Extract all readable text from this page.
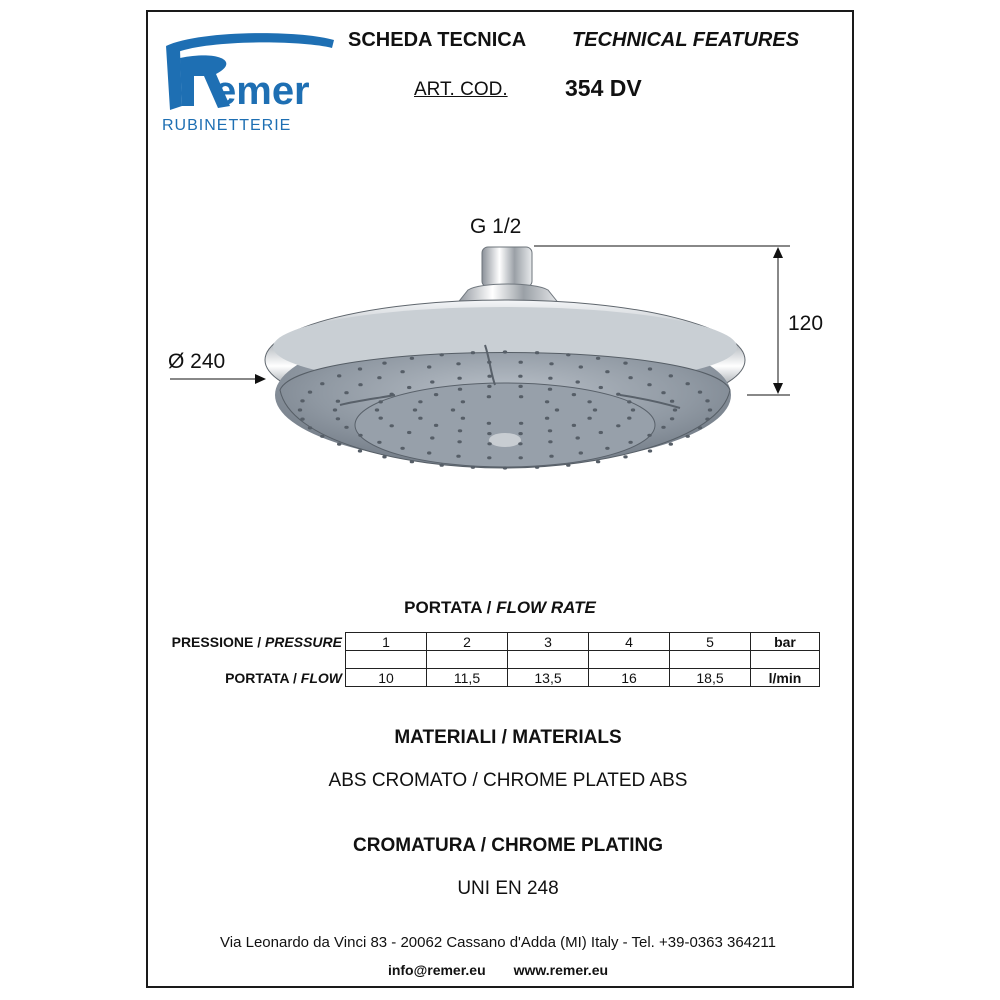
emer
RUBINETTERIE
SCHEDA TECNICA TECHNICAL FEATURES
ART. COD. 354 DV
G 1/2
Ø 240
120
PORTATA / FLOW RATE
PRESSIONE / PRESSURE	1	2	3	4	5	bar

PORTATA / FLOW	10	11,5	13,5	16	18,5	l/min
MATERIALI / MATERIALS
ABS CROMATO / CHROME PLATED ABS
CROMATURA / CHROME PLATING
UNI EN 248
Via Leonardo da Vinci 83 - 20062 Cassano d'Adda (MI) Italy - Tel. +39-0363 364211
info@remer.eu www.remer.eu
